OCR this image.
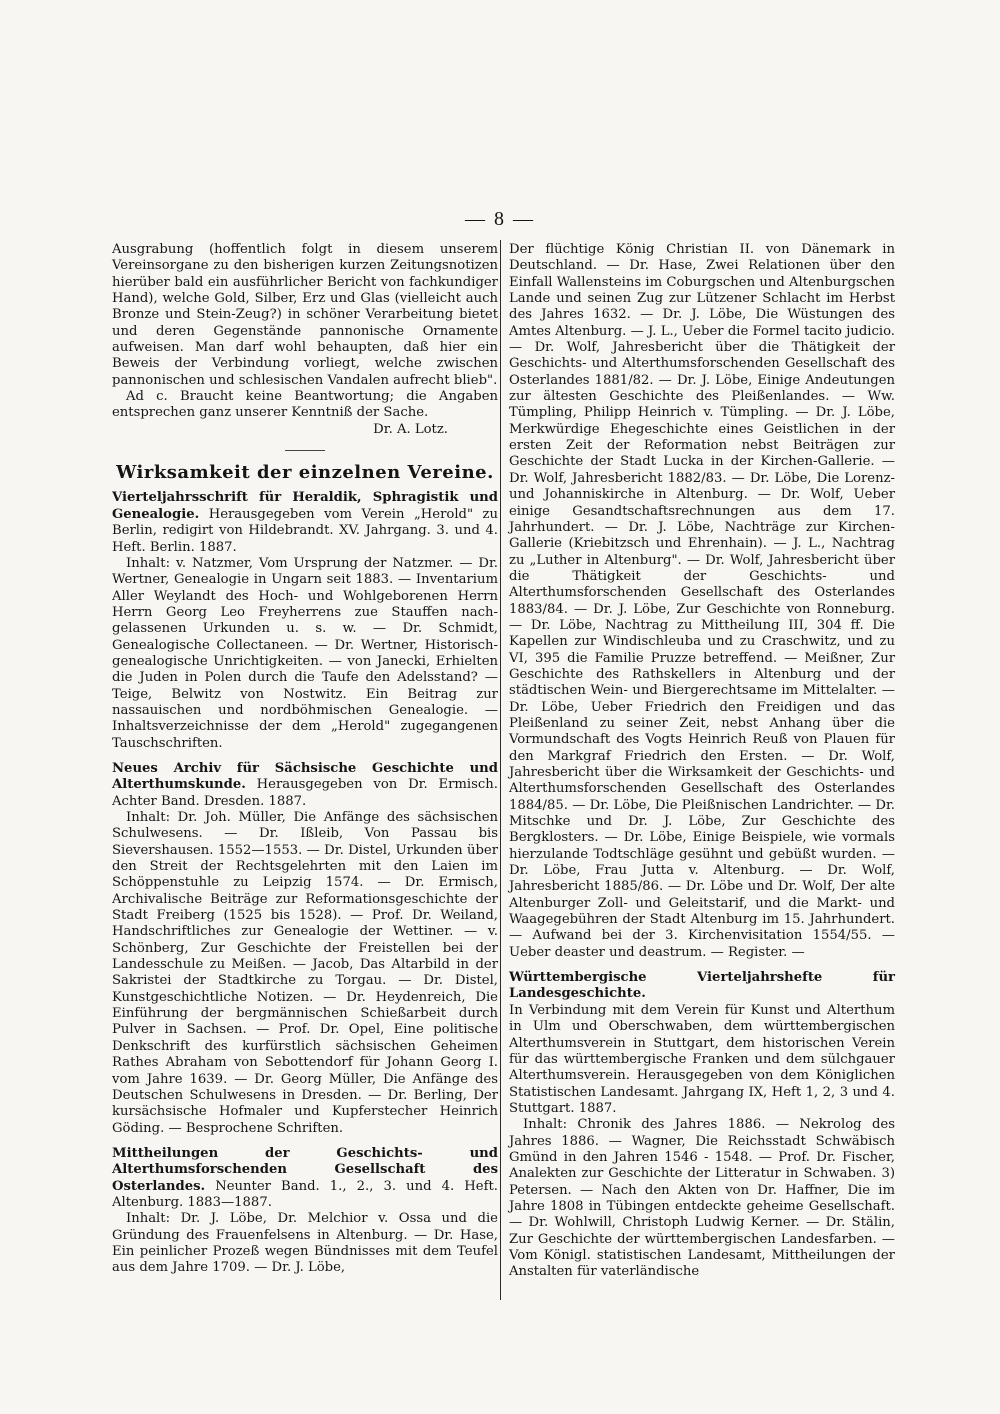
— 8 —

Ausgrabung (hoffentlich folgt in diesem unserem Vereinsorgane zu den bisherigen kurzen Zeitungsnotizen hierüber bald ein ausführlicher Bericht von fachkundiger Hand), welche Gold, Silber, Erz und Glas (vielleicht auch Bronze und Stein-Zeug?) in schöner Verarbeitung bietet und deren Gegenstände pannonische Ornamente aufweisen. Man darf wohl behaupten, daß hier ein Beweis der Verbindung vorliegt, welche zwischen pannonischen und schlesischen Vandalen aufrecht blieb".

Ad c. Braucht keine Beantwortung; die Angaben entsprechen ganz unserer Kenntniß der Sache.

Dr. A. Lotz.

Wirksamkeit der einzelnen Vereine.

Vierteljahrsschrift für Heraldik, Sphragistik und Genealogie. Herausgegeben vom Verein „Herold" zu Berlin, redigirt von Hildebrandt. XV. Jahrgang. 3. und 4. Heft. Berlin. 1887.

Inhalt: v. Natzmer, Vom Ursprung der Natzmer. — Dr. Wertner, Genealogie in Ungarn seit 1883. — Inventarium Aller Weylandt des Hoch- und Wohlgeborenen Herrn Herrn Georg Leo Freyherrens zue Stauffen nach-gelassenen Urkunden u. s. w. — Dr. Schmidt, Genealogische Collectaneen. — Dr. Wertner, Historisch-genealogische Unrichtigkeiten. — von Janecki, Erhielten die Juden in Polen durch die Taufe den Adelsstand? — Teige, Belwitz von Nostwitz. Ein Beitrag zur nassauischen und nordböhmischen Genealogie. — Inhaltsverzeichnisse der dem „Herold" zugegangenen Tauschschriften.

Neues Archiv für Sächsische Geschichte und Alterthumskunde. Herausgegeben von Dr. Ermisch. Achter Band. Dresden. 1887.

Inhalt: Dr. Joh. Müller, Die Anfänge des sächsischen Schulwesens. — Dr. Ißleib, Von Passau bis Sievershausen. 1552—1553. — Dr. Distel, Urkunden über den Streit der Rechtsgelehrten mit den Laien im Schöppenstuhle zu Leipzig 1574. — Dr. Ermisch, Archivalische Beiträge zur Reformationsgeschichte der Stadt Freiberg (1525 bis 1528). — Prof. Dr. Weiland, Handschriftliches zur Genealogie der Wettiner. — v. Schönberg, Zur Geschichte der Freistellen bei der Landesschule zu Meißen. — Jacob, Das Altarbild in der Sakristei der Stadtkirche zu Torgau. — Dr. Distel, Kunstgeschichtliche Notizen. — Dr. Heydenreich, Die Einführung der bergmännischen Schießarbeit durch Pulver in Sachsen. — Prof. Dr. Opel, Eine politische Denkschrift des kurfürstlich sächsischen Geheimen Rathes Abraham von Sebottendorf für Johann Georg I. vom Jahre 1639. — Dr. Georg Müller, Die Anfänge des Deutschen Schulwesens in Dresden. — Dr. Berling, Der kursächsische Hofmaler und Kupferstecher Heinrich Göding. — Besprochene Schriften.

Mittheilungen der Geschichts- und Alterthumsforschenden Gesellschaft des Osterlandes. Neunter Band. 1., 2., 3. und 4. Heft. Altenburg. 1883—1887.

Inhalt: Dr. J. Löbe, Dr. Melchior v. Ossa und die Gründung des Frauenfelsens in Altenburg. — Dr. Hase, Ein peinlicher Prozeß wegen Bündnisses mit dem Teufel aus dem Jahre 1709. — Dr. J. Löbe,

Der flüchtige König Christian II. von Dänemark in Deutschland. — Dr. Hase, Zwei Relationen über den Einfall Wallensteins im Coburgschen und Altenburgschen Lande und seinen Zug zur Lützener Schlacht im Herbst des Jahres 1632. — Dr. J. Löbe, Die Wüstungen des Amtes Altenburg. — J. L., Ueber die Formel tacito judicio. — Dr. Wolf, Jahresbericht über die Thätigkeit der Geschichts- und Alterthumsforschenden Gesellschaft des Osterlandes 1881/82. — Dr. J. Löbe, Einige Andeutungen zur ältesten Geschichte des Pleißenlandes. — Ww. Tümpling, Philipp Heinrich v. Tümpling. — Dr. J. Löbe, Merkwürdige Ehegeschichte eines Geistlichen in der ersten Zeit der Reformation nebst Beiträgen zur Geschichte der Stadt Lucka in der Kirchen-Gallerie. — Dr. Wolf, Jahresbericht 1882/83. — Dr. Löbe, Die Lorenz- und Johanniskirche in Altenburg. — Dr. Wolf, Ueber einige Gesandtschaftsrechnungen aus dem 17. Jahrhundert. — Dr. J. Löbe, Nachträge zur Kirchen-Gallerie (Kriebitzsch und Ehrenhain). — J. L., Nachtrag zu „Luther in Altenburg". — Dr. Wolf, Jahresbericht über die Thätigkeit der Geschichts- und Alterthumsforschenden Gesellschaft des Osterlandes 1883/84. — Dr. J. Löbe, Zur Geschichte von Ronneburg. — Dr. Löbe, Nachtrag zu Mittheilung III, 304 ff. Die Kapellen zur Windischleuba und zu Craschwitz, und zu VI, 395 die Familie Pruzze betreffend. — Meißner, Zur Geschichte des Rathskellers in Altenburg und der städtischen Wein- und Biergerechtsame im Mittelalter. — Dr. Löbe, Ueber Friedrich den Freidigen und das Pleißenland zu seiner Zeit, nebst Anhang über die Vormundschaft des Vogts Heinrich Reuß von Plauen für den Markgraf Friedrich den Ersten. — Dr. Wolf, Jahresbericht über die Wirksamkeit der Geschichts- und Alterthumsforschenden Gesellschaft des Osterlandes 1884/85. — Dr. Löbe, Die Pleißnischen Landrichter. — Dr. Mitschke und Dr. J. Löbe, Zur Geschichte des Bergklosters. — Dr. Löbe, Einige Beispiele, wie vormals hierzulande Todtschläge gesühnt und gebüßt wurden. — Dr. Löbe, Frau Jutta v. Altenburg. — Dr. Wolf, Jahresbericht 1885/86. — Dr. Löbe und Dr. Wolf, Der alte Altenburger Zoll- und Geleitstarif, und die Markt- und Waagegebühren der Stadt Altenburg im 15. Jahrhundert. — Aufwand bei der 3. Kirchenvisitation 1554/55. — Ueber deaster und deastrum. — Register. —

Württembergische Vierteljahrshefte für Landesgeschichte.

In Verbindung mit dem Verein für Kunst und Alterthum in Ulm und Oberschwaben, dem württembergischen Alterthumsverein in Stuttgart, dem historischen Verein für das württembergische Franken und dem sülchgauer Alterthumsverein. Herausgegeben von dem Königlichen Statistischen Landesamt. Jahrgang IX, Heft 1, 2, 3 und 4. Stuttgart. 1887.

Inhalt: Chronik des Jahres 1886. — Nekrolog des Jahres 1886. — Wagner, Die Reichsstadt Schwäbisch Gmünd in den Jahren 1546 - 1548. — Prof. Dr. Fischer, Analekten zur Geschichte der Litteratur in Schwaben. 3) Petersen. — Nach den Akten von Dr. Haffner, Die im Jahre 1808 in Tübingen entdeckte geheime Gesellschaft. — Dr. Wohlwill, Christoph Ludwig Kerner. — Dr. Stälin, Zur Geschichte der württembergischen Landesfarben. — Vom Königl. statistischen Landesamt, Mittheilungen der Anstalten für vaterländische
